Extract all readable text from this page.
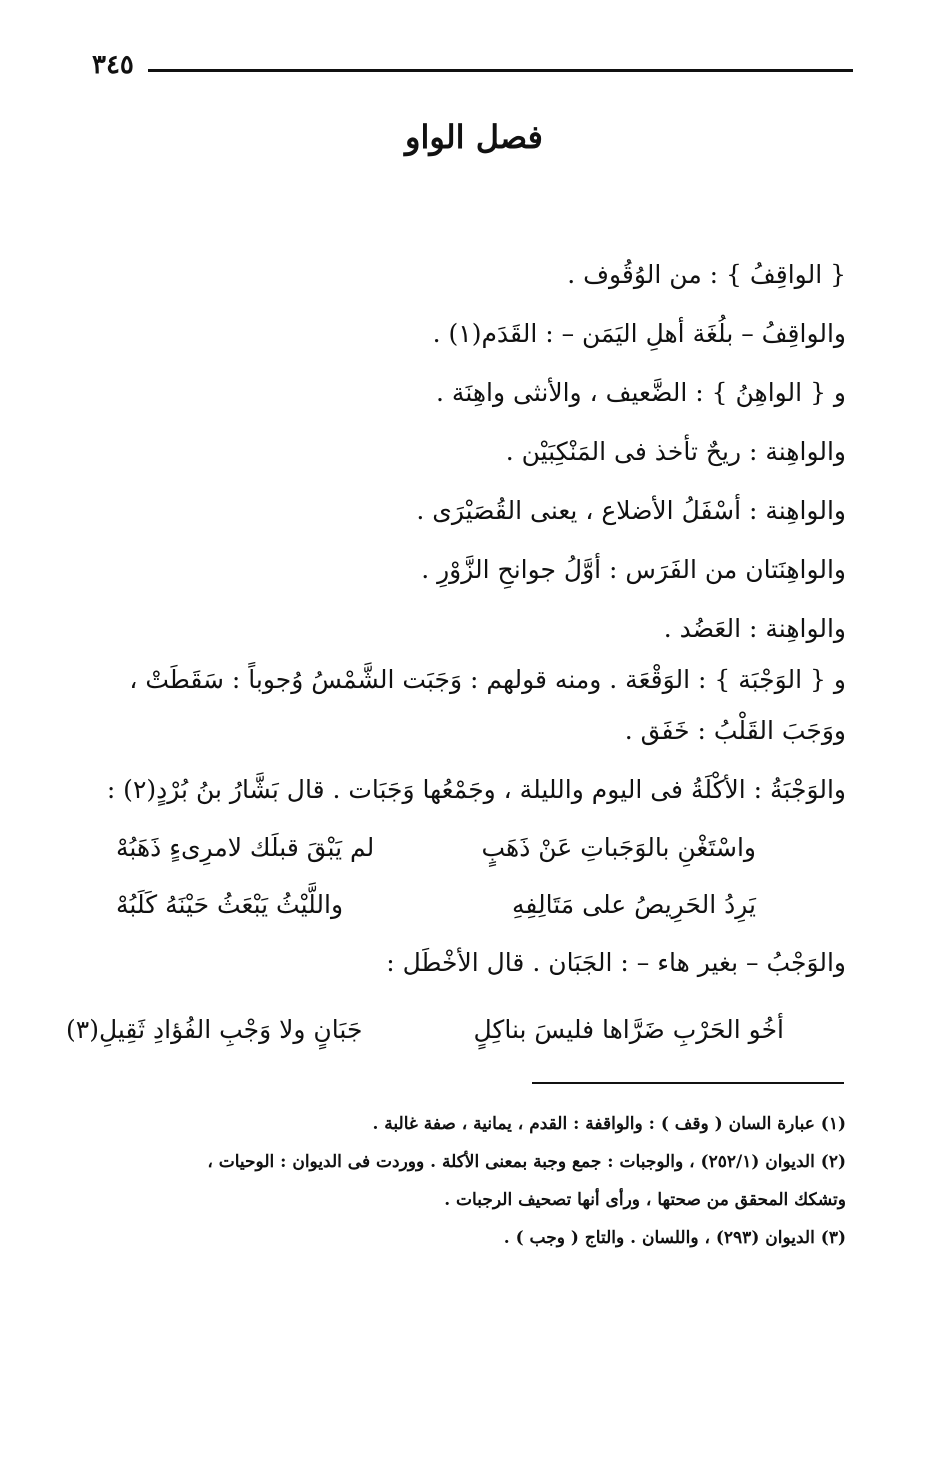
٣٤٥
فصل الواو
{ الواقِفُ } : من الوُقُوف .
والواقِفُ – بلُغَة أهلِ اليَمَن – : القَدَم(١) .
و { الواهِنُ } : الضَّعيف ، والأنثى واهِنَة .
والواهِنة : ريحٌ تأخذ فى المَنْكِبَيْن .
والواهِنة : أسْفَلُ الأضلاع ، يعنى القُصَيْرَى .
والواهِنَتان من الفَرَس : أوَّلُ جوانحِ الزَّوْرِ .
والواهِنة : العَضُد .
و { الوَجْبَة } : الوَقْعَة . ومنه قولهم : وَجَبَت الشَّمْسُ وُجوباً : سَقَطَتْ ،
ووَجَبَ القَلْبُ : خَفَق .
والوَجْبَةُ : الأكْلَةُ فى اليوم والليلة ، وجَمْعُها وَجَبَات . قال بَشَّارُ بنُ بُرْدٍ(٢) :
واسْتَغْنِ بالوَجَباتِ عَنْ ذَهَبٍ
لم يَبْقَ قبلَك لامرِىءٍ ذَهَبُهْ
يَرِدُ الحَرِيصُ على مَتَالِفِهِ
واللَّيْثُ يَبْعَثُ حَيْنَهُ كَلَبُهْ
والوَجْبُ – بغير هاء – : الجَبَان . قال الأخْطَل :
أخُو الحَرْبِ ضَرَّاها فليسَ بناكِلٍ
جَبَانٍ ولا وَجْبِ الفُؤادِ ثَقِيلِ(٣)
(١) عبارة السان ( وقف ) : والواقفة : القدم ، يمانية ، صفة غالبة .
(٢) الديوان (٢٥٢/١) ، والوجبات : جمع وجبة بمعنى الأكلة . ووردت فى الديوان : الوحيات ،
وتشكك المحقق من صحتها ، ورأى أنها تصحيف الرجبات .
(٣) الديوان (٢٩٣) ، واللسان . والتاج ( وجب ) .
